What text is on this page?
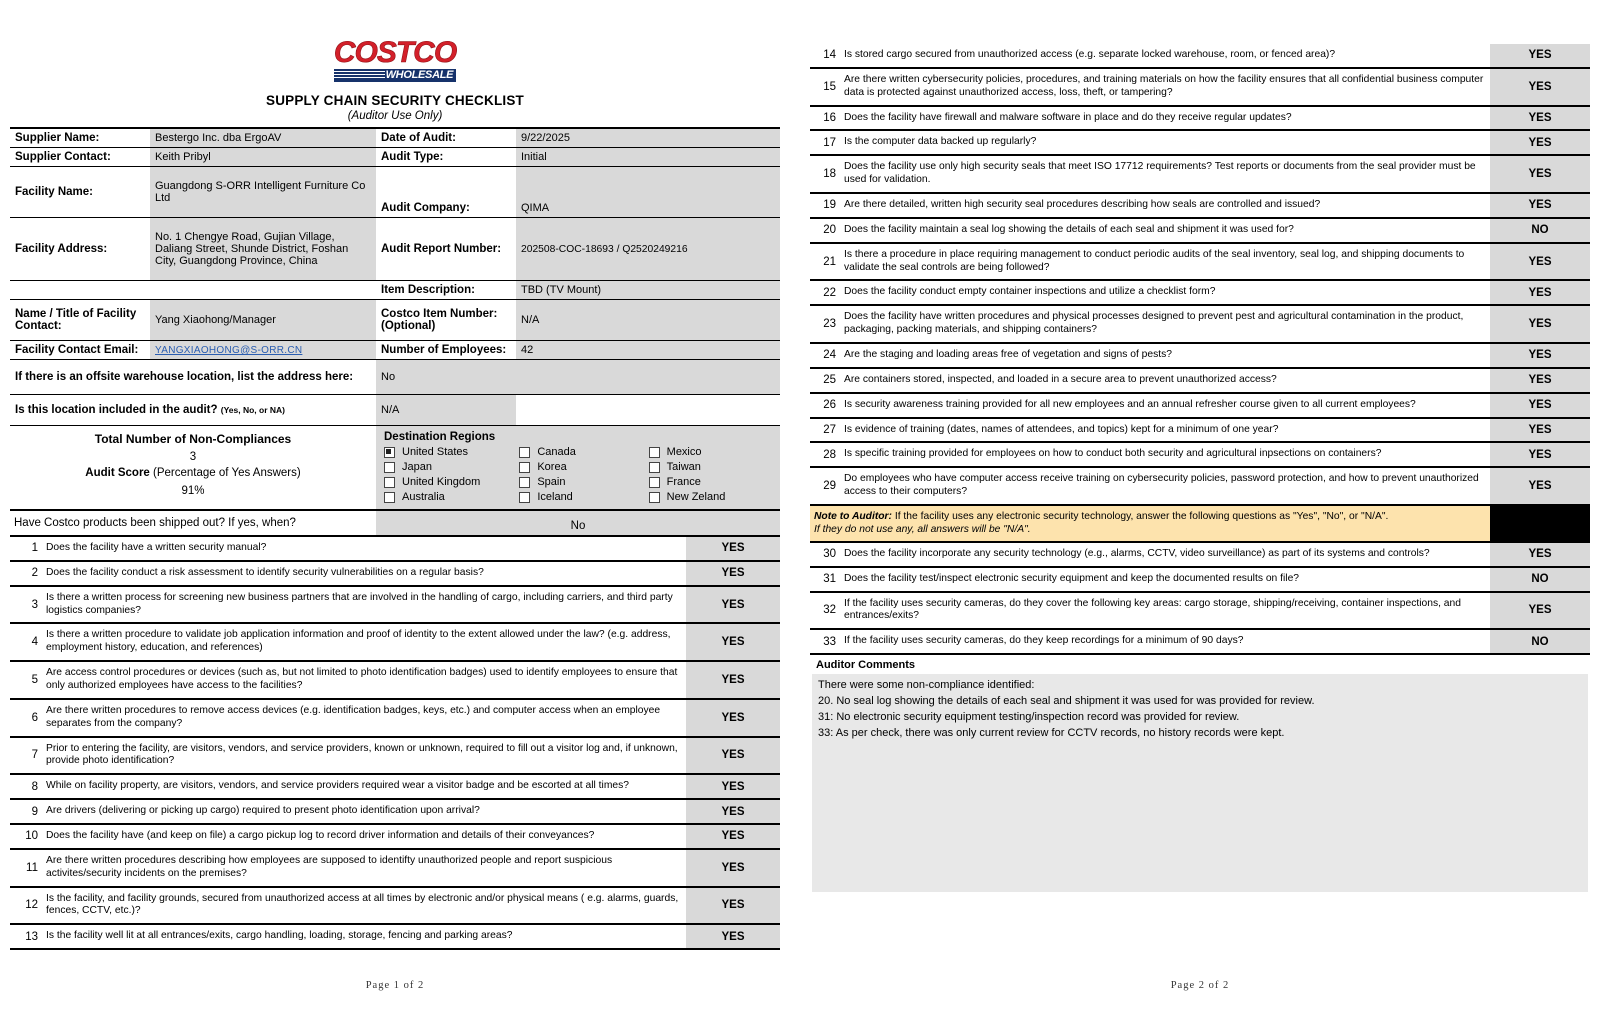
COSTCO
WHOLESALE
SUPPLY CHAIN SECURITY CHECKLIST
(Auditor Use Only)
Supplier Name:	Bestergo Inc. dba ErgoAV	Date of Audit:	9/22/2025
Supplier Contact:	Keith Pribyl	Audit Type:	Initial
Facility Name:	Guangdong S-ORR Intelligent Furniture Co Ltd	Audit Company:	QIMA
Facility Address:	No. 1 Chengye Road, Gujian Village, Daliang Street, Shunde District, Foshan City, Guangdong Province, China	Audit Report Number:	202508-COC-18693 / Q2520249216
		Item Description:	TBD (TV Mount)
Name / Title of Facility Contact:	Yang Xiaohong/Manager	Costco Item Number:
(Optional)	N/A
Facility Contact Email:	YANGXIAOHONG@S-ORR.CN	Number of Employees:	42
If there is an offsite warehouse location, list the address here:		No	
Is this location included in the audit? (Yes, No, or NA)		N/A	
Total Number of Non-Compliances
3
Audit Score (Percentage of Yes Answers)
91%
Destination Regions
United States	Canada	Mexico
Japan	Korea	Taiwan
United Kingdom	Spain	France
Australia	Iceland	New Zeland
Have Costco products been shipped out? If yes, when?	No
1	Does the facility have a written security manual?	YES
2	Does the facility conduct a risk assessment to identify security vulnerabilities on a regular basis?	YES
3	Is there a written process for screening new business partners that are involved in the handling of cargo, including carriers, and third party logistics companies?	YES
4	Is there a written procedure to validate job application information and proof of identity to the extent allowed under the law? (e.g. address, employment history, education, and references)	YES
5	Are access control procedures or devices (such as, but not limited to photo identification badges) used to identify employees to ensure that only authorized employees have access to the facilities?	YES
6	Are there written procedures to remove access devices (e.g. identification badges, keys, etc.) and computer access when an employee separates from the company?	YES
7	Prior to entering the facility, are visitors, vendors, and service providers, known or unknown, required to fill out a visitor log and, if unknown, provide photo identification?	YES
8	While on facility property, are visitors, vendors, and service providers required wear a visitor badge and be escorted at all times?	YES
9	Are drivers (delivering or picking up cargo) required to present photo identification upon arrival?	YES
10	Does the facility have (and keep on file) a cargo pickup log to record driver information and details of their conveyances?	YES
11	Are there written procedures describing how employees are supposed to identifty unauthorized people and report suspicious activites/security incidents on the premises?	YES
12	Is the facility, and facility grounds, secured from unauthorized access at all times by electronic and/or physical means ( e.g. alarms, guards, fences, CCTV, etc.)?	YES
13	Is the facility well lit at all entrances/exits, cargo handling, loading, storage, fencing and parking areas?	YES
Page 1 of 2
14	Is stored cargo secured from unauthorized access (e.g. separate locked warehouse, room, or fenced area)?	YES
15	Are there written cybersecurity policies, procedures, and training materials on how the facility ensures that all confidential business computer data is protected against unauthorized access, loss, theft, or tampering?	YES
16	Does the facility have firewall and malware software in place and do they receive regular updates?	YES
17	Is the computer data backed up regularly?	YES
18	Does the facility use only high security seals that meet ISO 17712 requirements? Test reports or documents from the seal provider must be used for validation.	YES
19	Are there detailed, written high security seal procedures describing how seals are controlled and issued?	YES
20	Does the facility maintain a seal log showing the details of each seal and shipment it was used for?	NO
21	Is there a procedure in place requiring management to conduct periodic audits of the seal inventory, seal log, and shipping documents to validate the seal controls are being followed?	YES
22	Does the facility conduct empty container inspections and utilize a checklist form?	YES
23	Does the facility have written procedures and physical processes designed to prevent pest and agricultural contamination in the product, packaging, packing materials, and shipping containers?	YES
24	Are the staging and loading areas free of vegetation and signs of pests?	YES
25	Are containers stored, inspected, and loaded in a secure area to prevent unauthorized access?	YES
26	Is security awareness training provided for all new employees and an annual refresher course given to all current employees?	YES
27	Is evidence of training (dates, names of attendees, and topics) kept for a minimum of one year?	YES
28	Is specific training provided for employees on how to conduct both security and agricultural inpsections on containers?	YES
29	Do employees who have computer access receive training on cybersecurity policies, password protection, and how to prevent unauthorized access to their computers?	YES
Note to Auditor: If the facility uses any electronic security technology, answer the following questions as "Yes", "No", or "N/A".
If they do not use any, all answers will be "N/A".		
30	Does the facility incorporate any security technology (e.g., alarms, CCTV, video surveillance) as part of its systems and controls?	YES
31	Does the facility test/inspect electronic security equipment and keep the documented results on file?	NO
32	If the facility uses security cameras, do they cover the following key areas: cargo storage, shipping/receiving, container inspections, and entrances/exits?	YES
33	If the facility uses security cameras, do they keep recordings for a minimum of 90 days?	NO
Auditor Comments
There were some non-compliance identified:
20. No seal log showing the details of each seal and shipment it was used for was provided for review.
31: No electronic security equipment testing/inspection record was provided for review.
33: As per check, there was only current review for CCTV records, no history records were kept.
Page 2 of 2
